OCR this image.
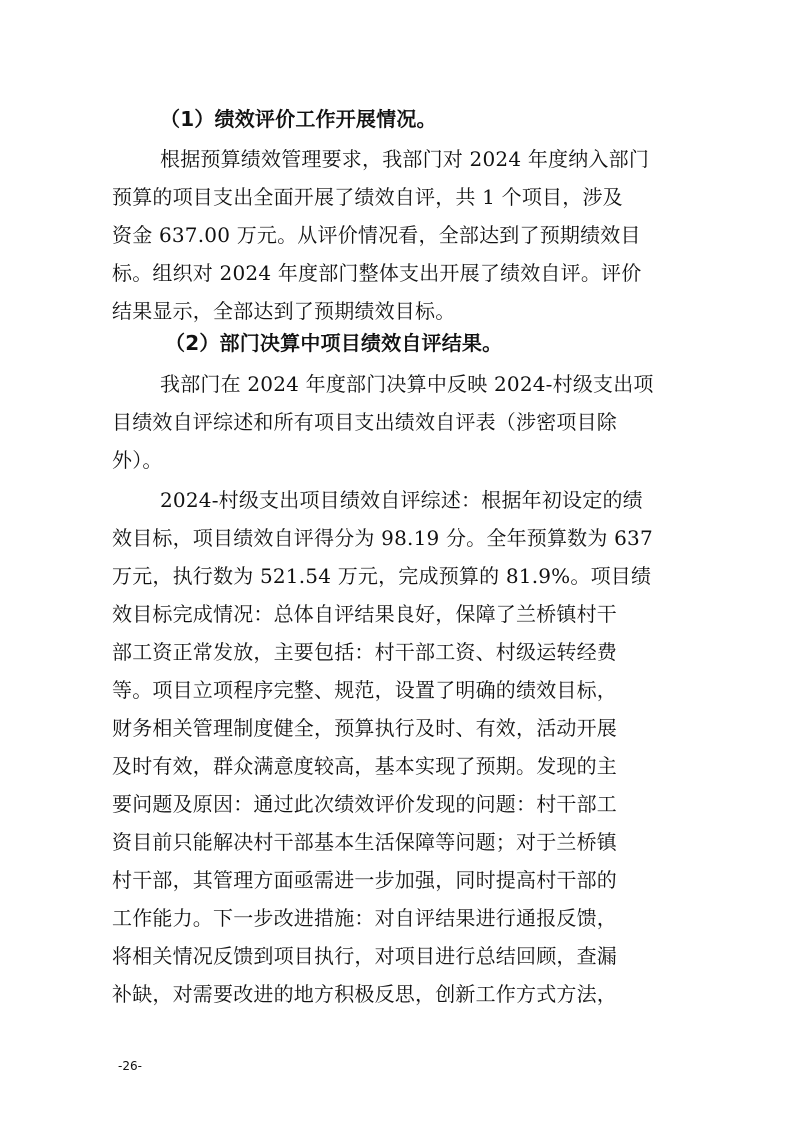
（1）绩效评价工作开展情况。
根据预算绩效管理要求，我部门对 2024 年度纳入部门
预算的项目支出全面开展了绩效自评，共 1 个项目，涉及
资金 637.00 万元。从评价情况看，全部达到了预期绩效目
标。组织对 2024 年度部门整体支出开展了绩效自评。评价
结果显示，全部达到了预期绩效目标。
（2）部门决算中项目绩效自评结果。
我部门在 2024 年度部门决算中反映 2024-村级支出项
目绩效自评综述和所有项目支出绩效自评表（涉密项目除
外）。
2024-村级支出项目绩效自评综述：根据年初设定的绩
效目标，项目绩效自评得分为 98.19 分。全年预算数为 637
万元，执行数为 521.54 万元，完成预算的 81.9%。项目绩
效目标完成情况：总体自评结果良好，保障了兰桥镇村干
部工资正常发放，主要包括：村干部工资、村级运转经费
等。项目立项程序完整、规范，设置了明确的绩效目标，
财务相关管理制度健全，预算执行及时、有效，活动开展
及时有效，群众满意度较高，基本实现了预期。发现的主
要问题及原因：通过此次绩效评价发现的问题：村干部工
资目前只能解决村干部基本生活保障等问题；对于兰桥镇
村干部，其管理方面亟需进一步加强，同时提高村干部的
工作能力。下一步改进措施：对自评结果进行通报反馈，
将相关情况反馈到项目执行，对项目进行总结回顾，查漏
补缺，对需要改进的地方积极反思，创新工作方式方法，
-26-
